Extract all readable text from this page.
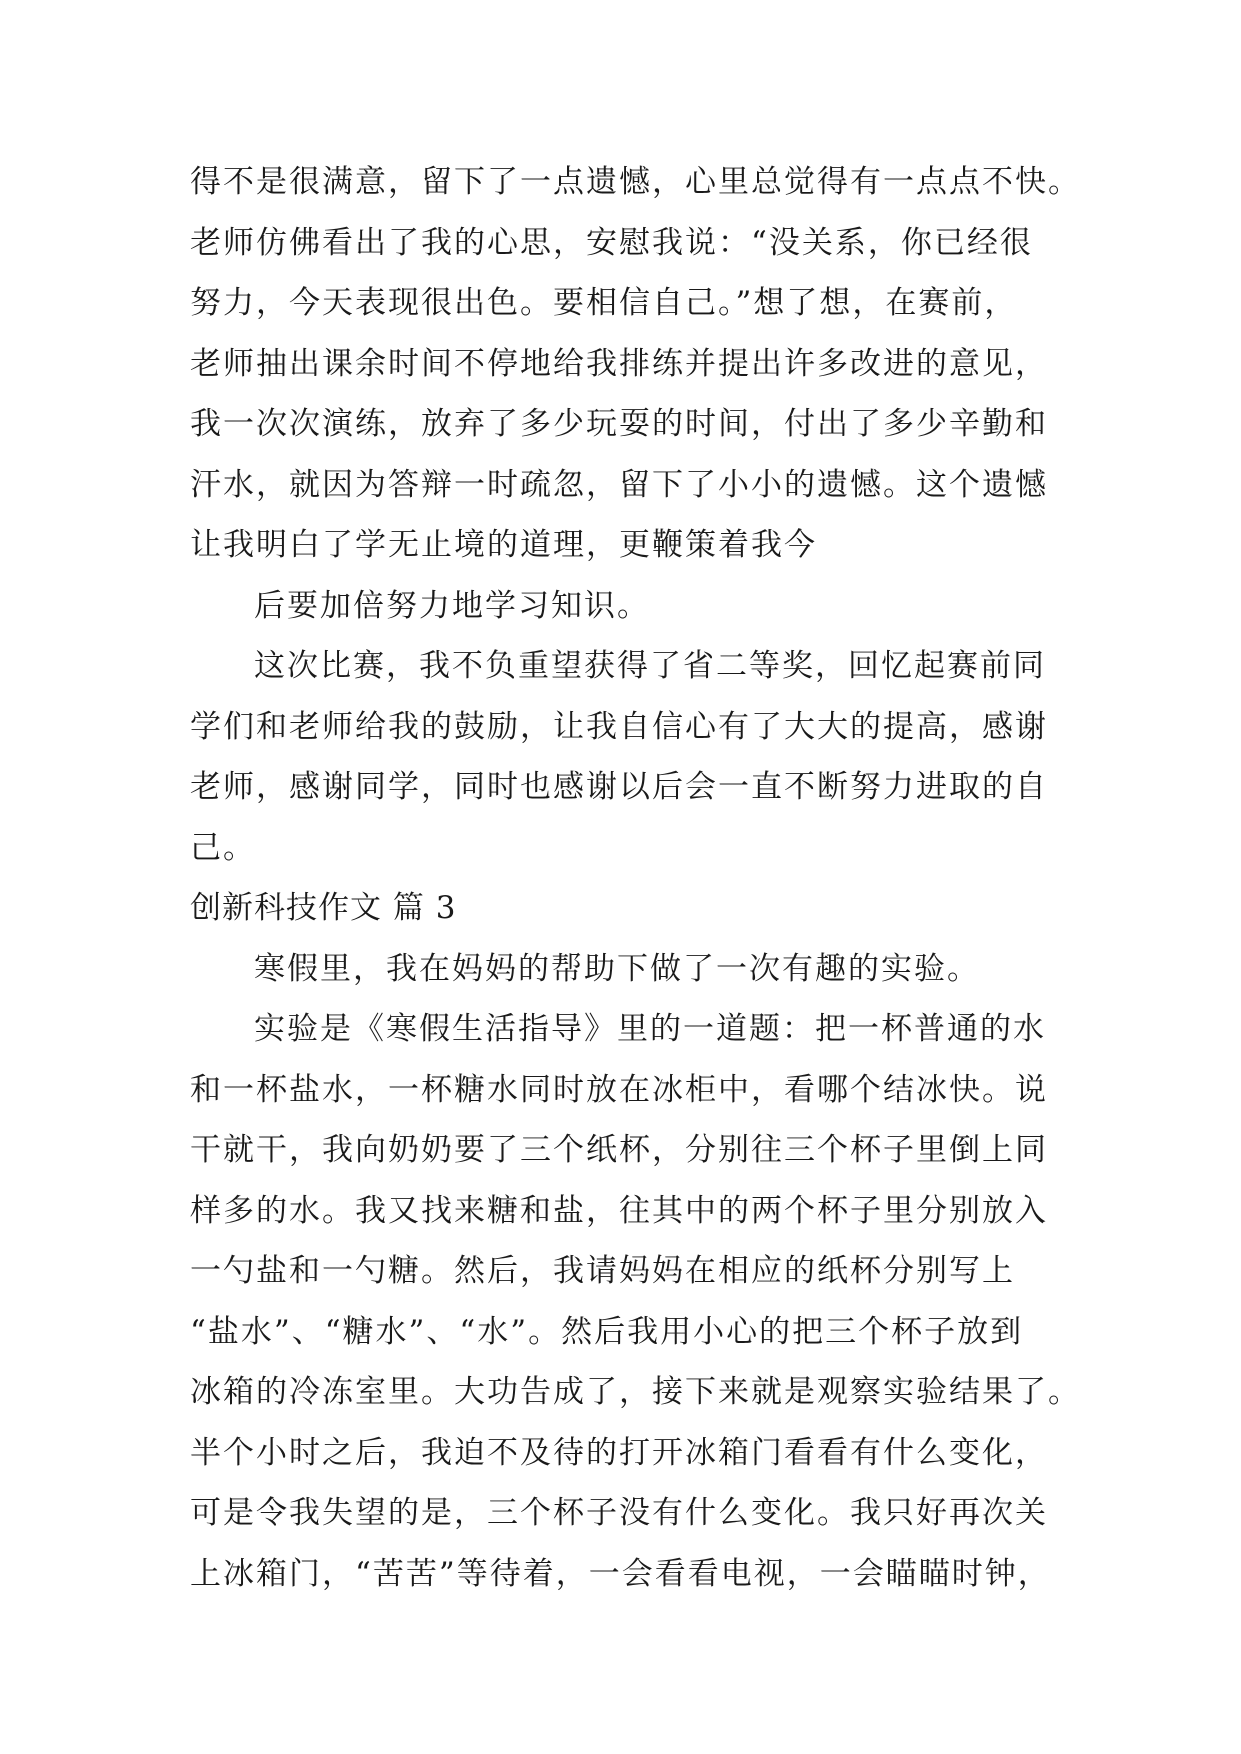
得不是很满意，留下了一点遗憾，心里总觉得有一点点不快。
老师仿佛看出了我的心思，安慰我说：“没关系，你已经很
努力，今天表现很出色。要相信自己。”想了想，在赛前，
老师抽出课余时间不停地给我排练并提出许多改进的意见，
我一次次演练，放弃了多少玩耍的时间，付出了多少辛勤和
汗水，就因为答辩一时疏忽，留下了小小的遗憾。这个遗憾
让我明白了学无止境的道理，更鞭策着我今
后要加倍努力地学习知识。
这次比赛，我不负重望获得了省二等奖，回忆起赛前同
学们和老师给我的鼓励，让我自信心有了大大的提高，感谢
老师，感谢同学，同时也感谢以后会一直不断努力进取的自
己。
创新科技作文 篇 3
寒假里，我在妈妈的帮助下做了一次有趣的实验。
实验是《寒假生活指导》里的一道题：把一杯普通的水
和一杯盐水，一杯糖水同时放在冰柜中，看哪个结冰快。说
干就干，我向奶奶要了三个纸杯，分别往三个杯子里倒上同
样多的水。我又找来糖和盐，往其中的两个杯子里分别放入
一勺盐和一勺糖。然后，我请妈妈在相应的纸杯分别写上
“盐水”、“糖水”、“水”。然后我用小心的把三个杯子放到
冰箱的冷冻室里。大功告成了，接下来就是观察实验结果了。
半个小时之后，我迫不及待的打开冰箱门看看有什么变化，
可是令我失望的是，三个杯子没有什么变化。我只好再次关
上冰箱门，“苦苦”等待着，一会看看电视，一会瞄瞄时钟，
